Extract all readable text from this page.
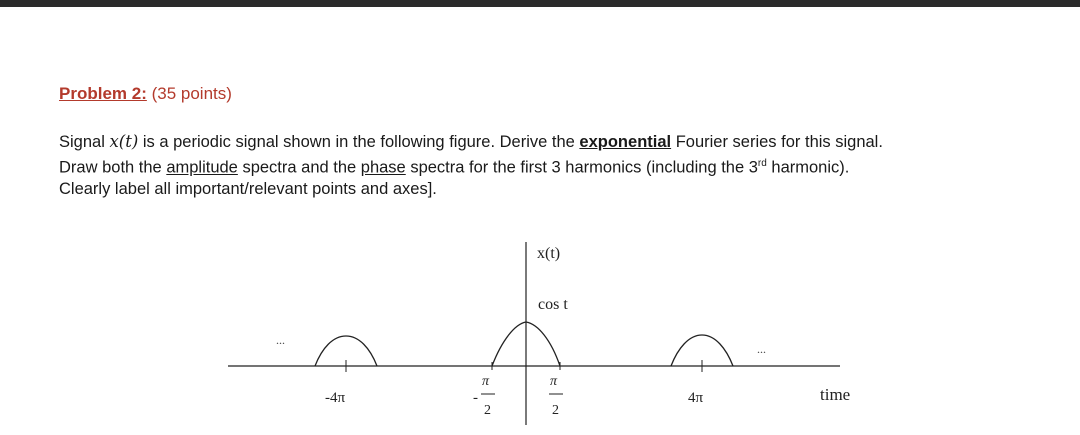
Problem 2: (35 points)

Signal x(t) is a periodic signal shown in the following figure. Derive the exponential Fourier series for this signal.
Draw both the amplitude spectra and the phase spectra for the first 3 harmonics (including the 3rd harmonic).
Clearly label all important/relevant points and axes].

x(t)
cos t
time
...
...
-4π	4π
-
π
2
π
2
